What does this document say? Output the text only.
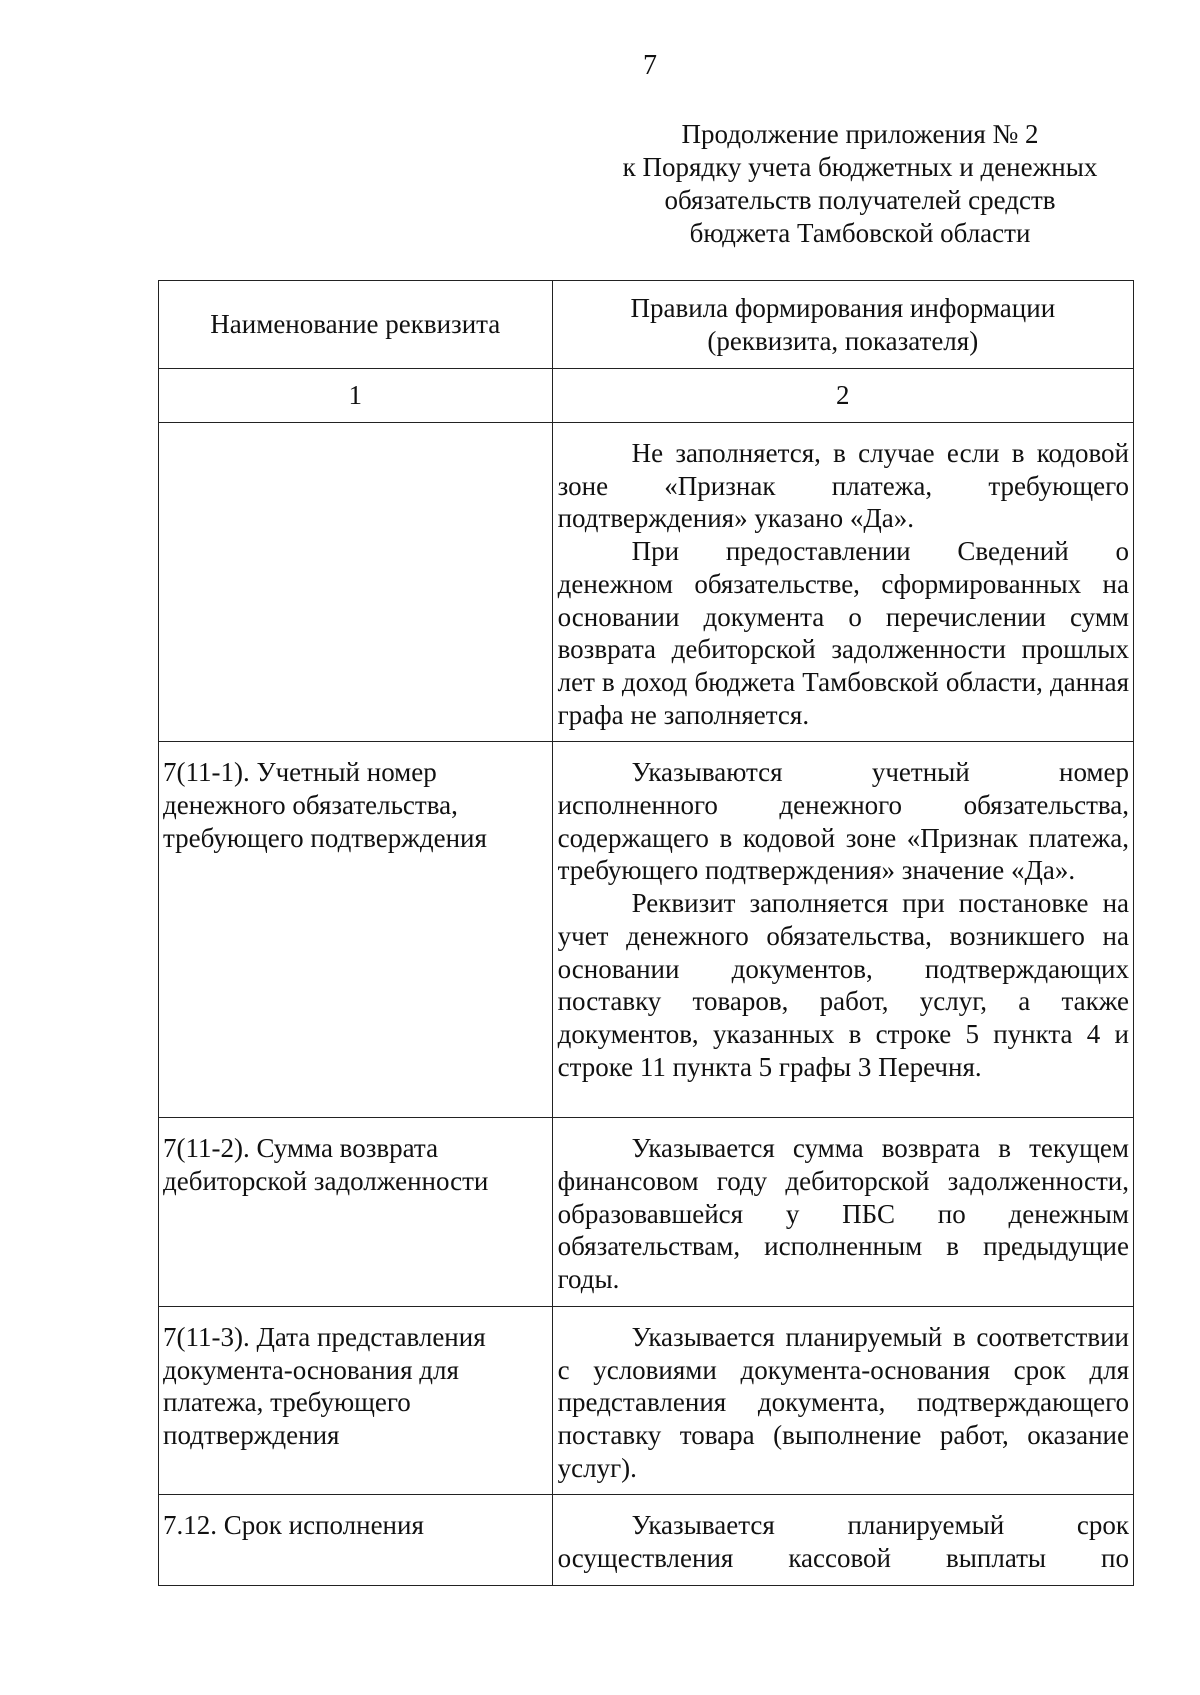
7
Продолжение приложения № 2
к Порядку учета бюджетных и денежных
обязательств получателей средств
бюджета Тамбовской области
Наименование реквизита	Правила формирования информации
(реквизита, показателя)

1	2

	Не заполняется, в случае если в кодовой зоне «Признак платежа, требующего подтверждения» указано «Да».

При предоставлении Сведений о денежном обязательстве, сформированных на основании документа о перечислении сумм возврата дебиторской задолженности прошлых лет в доход бюджета Тамбовской области, данная графа не заполняется.

7(11-1). Учетный номер денежного обязательства, требующего подтверждения	Указываются учетный номер исполненного денежного обязательства, содержащего в кодовой зоне «Признак платежа, требующего подтверждения» значение «Да».

Реквизит заполняется при постановке на учет денежного обязательства, возникшего на основании документов, подтверждающих поставку товаров, работ, услуг, а также документов, указанных в строке 5 пункта 4 и строке 11 пункта 5 графы 3 Перечня.

7(11-2). Сумма возврата дебиторской задолженности	Указывается сумма возврата в текущем финансовом году дебиторской задолженности, образовавшейся у ПБС по денежным обязательствам, исполненным в предыдущие годы.

7(11-3). Дата представления документа-основания для платежа, требующего подтверждения	Указывается планируемый в соответствии с условиями документа-основания срок для представления документа, подтверждающего поставку товара (выполнение работ, оказание услуг).

7.12. Срок исполнения	Указывается планируемый срок осуществления кассовой выплаты по
